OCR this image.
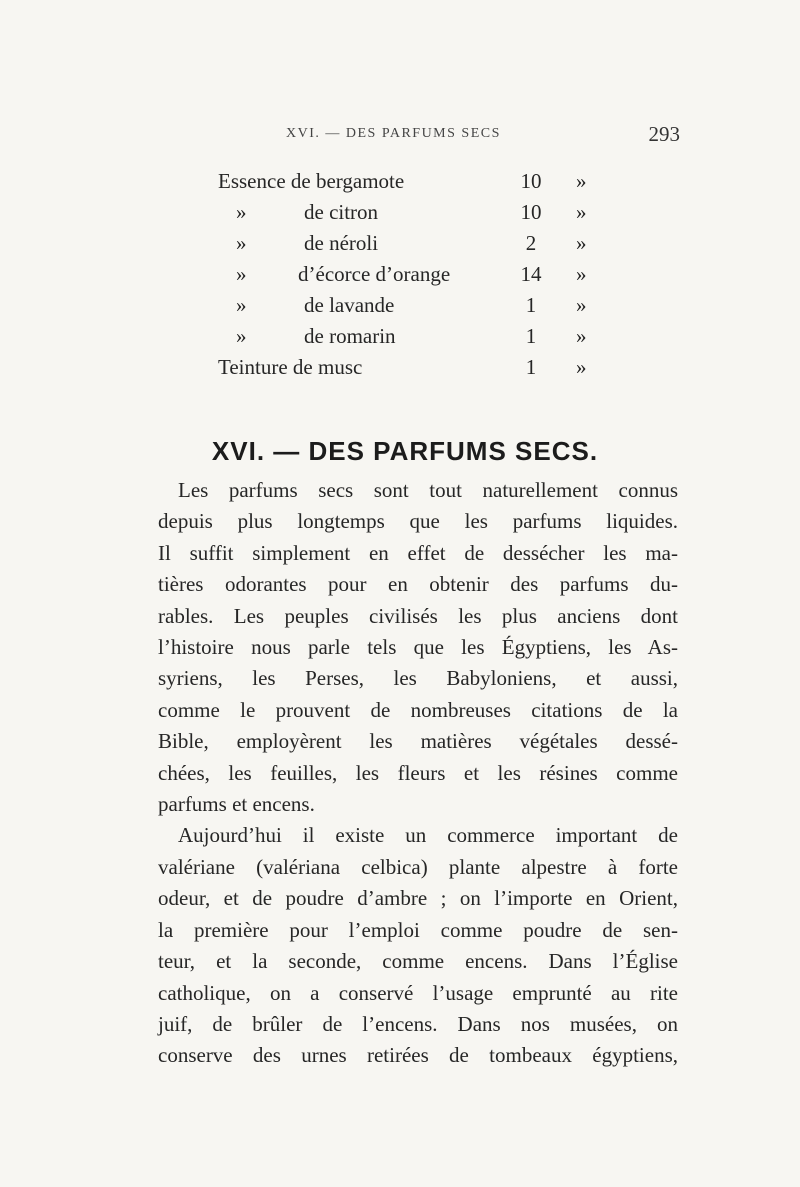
XVI. — DES PARFUMS SECS	293
Essence de bergamote	10 »
»	de citron	10 »
»	de néroli	2	»
» d’écorce d’orange	14 »
»	de lavande	1	»
»	de romarin	1	»
Teinture de musc	1	»
XVI. — DES PARFUMS SECS.

Les parfums secs sont tout naturellement connus
depuis plus longtemps que les parfums liquides.
Il suffit simplement en effet de dessécher les ma-
tières odorantes pour en obtenir des parfums du-
rables. Les peuples civilisés les plus anciens dont
l’histoire nous parle tels que les Égyptiens, les As-
syriens, les Perses, les Babyloniens, et aussi,
comme le prouvent de nombreuses citations de la
Bible, employèrent les matières végétales dessé-
chées, les feuilles, les fleurs et les résines comme
parfums et encens.

Aujourd’hui il existe un commerce important de
valériane (valériana celbica) plante alpestre à forte
odeur, et de poudre d’ambre ; on l’importe en Orient,
la première pour l’emploi comme poudre de sen-
teur, et la seconde, comme encens. Dans l’Église
catholique, on a conservé l’usage emprunté au rite
juif, de brûler de l’encens. Dans nos musées, on
conserve des urnes retirées de tombeaux égyptiens,
